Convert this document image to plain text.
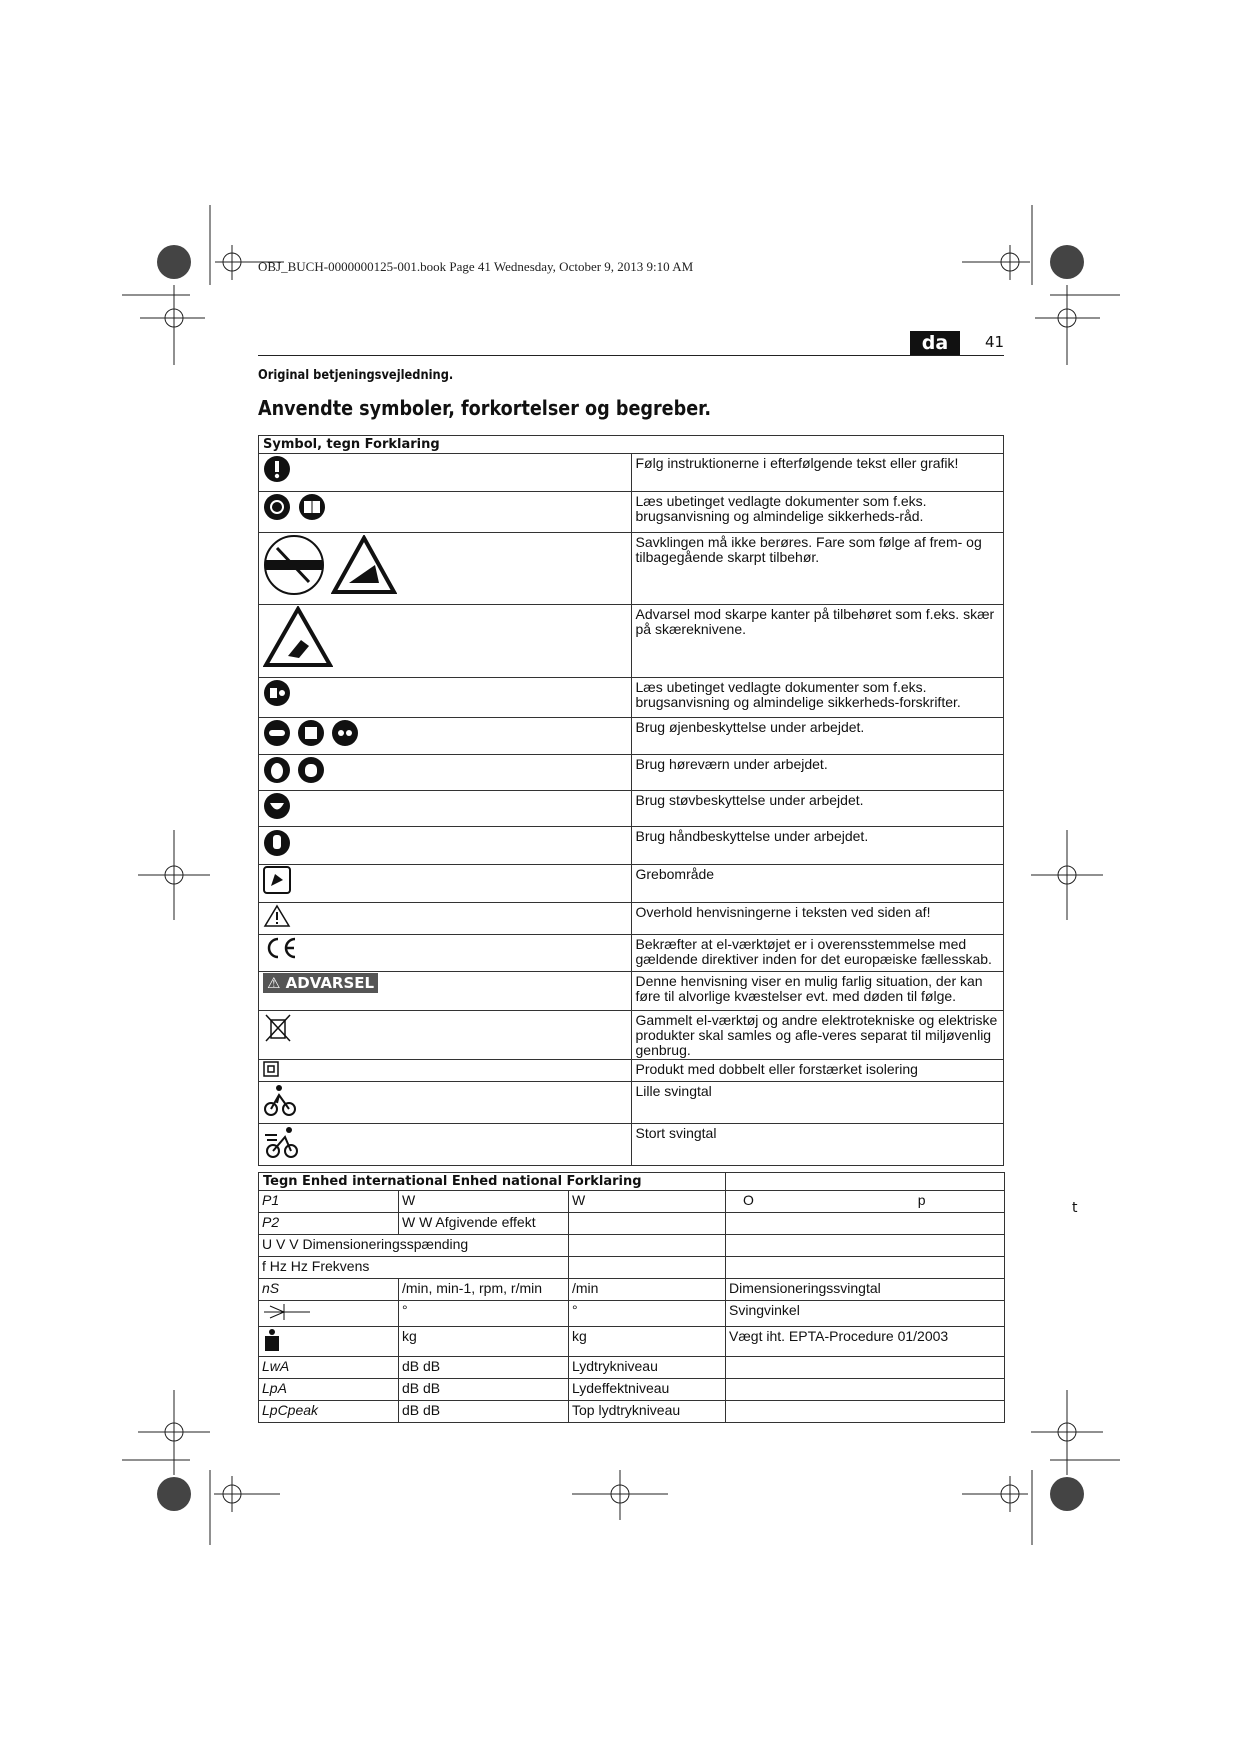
OBJ_BUCH-0000000125-001.book Page 41 Wednesday, October 9, 2013 9:10 AM
da	41
Original betjeningsvejledning.
Anvendte symboler, forkortelser og begreber.
Symbol, tegn Forklaring	

	Følg instruktionerne i efterfølgende tekst eller grafik!

	Læs ubetinget vedlagte dokumenter som f.eks. brugsanvisning og almindelige sikkerheds-råd.

	Savklingen må ikke berøres. Fare som følge af frem- og tilbagegående skarpt tilbehør.

	Advarsel mod skarpe kanter på tilbehøret som f.eks. skær på skæreknivene.

	Læs ubetinget vedlagte dokumenter som f.eks. brugsanvisning og almindelige sikkerheds-forskrifter.

	Brug øjenbeskyttelse under arbejdet.

	Brug høreværn under arbejdet.

	Brug støvbeskyttelse under arbejdet.

	Brug håndbeskyttelse under arbejdet.

	Grebområde

	Overhold henvisningerne i teksten ved siden af!

	Bekræfter at el-værktøjet er i overensstemmelse med gældende direktiver inden for det europæiske fællesskab.

⚠ ADVARSEL	Denne henvisning viser en mulig farlig situation, der kan føre til alvorlige kvæstelser evt. med døden til følge.

	Gammelt el-værktøj og andre elektrotekniske og elektriske produkter skal samles og afle-veres separat til miljøvenlig genbrug.

	Produkt med dobbelt eller forstærket isolering

	Lille svingtal

	Stort svingtal
Tegn Enhed international Enhed national Forklaring			
P1	W	W	O p
P2	W W Afgivende effekt		
U V V Dimensioneringsspænding			
f Hz Hz Frekvens			
nS	/min, min-1, rpm, r/min	/min	Dimensioneringssvingtal
	°	°	Svingvinkel
	kg	kg	Vægt iht. EPTA-Procedure 01/2003
LwA	dB dB	Lydtrykniveau	
LpA	dB dB	Lydeffektniveau	
LpCpeak	dB dB	Top lydtrykniveau	
t
